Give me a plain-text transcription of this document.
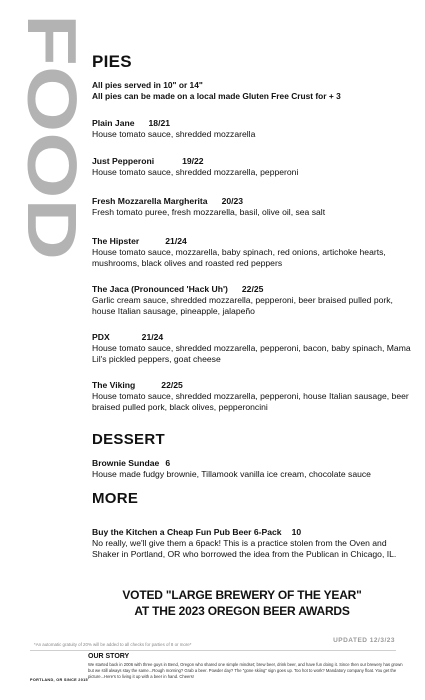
FOOD PIES
All pies served in 10" or 14"
All pies can be made on a local made Gluten Free Crust for + 3
Plain Jane 18/21
House tomato sauce, shredded mozzarella
Just Pepperoni	19/22
House tomato sauce, shredded mozzarella, pepperoni
Fresh Mozzarella Margherita 20/23
Fresh tomato puree, fresh mozzarella, basil, olive oil, sea salt
The Hipster	21/24
House tomato sauce, mozzarella, baby spinach, red onions, artichoke hearts, mushrooms, black olives and roasted red peppers
The Jaca (Pronounced 'Hack Uh') 22/25
Garlic cream sauce, shredded mozzarella, pepperoni, beer braised pulled pork, house Italian sausage, pineapple, jalapeño
PDX	21/24
House tomato sauce, shredded mozzarella, pepperoni, bacon, baby spinach, Mama Lil's pickled peppers, goat cheese
The Viking	22/25
House tomato sauce, shredded mozzarella, pepperoni, house Italian sausage, beer braised pulled pork, black olives, pepperoncini
DESSERT
Brownie Sundae 6
House made fudgy brownie, Tillamook vanilla ice cream, chocolate sauce
MORE
Buy the Kitchen a Cheap Fun Pub Beer 6-Pack 10
No really, we'll give them a 6pack! This is a practice stolen from the Oven and Shaker in Portland, OR who borrowed the idea from the Publican in Chicago, IL.
VOTED "LARGE BREWERY OF THE YEAR"
AT THE 2023 OREGON BEER AWARDS
UPDATED 12/3/23
*An automatic gratuity of 20% will be added to all checks for parties of 8 or more*
OUR STORY
We started back in 2006 with three guys in Bend, Oregon who shared one simple mindset; brew beer, drink beer, and have fun doing it. Since then our brewery has grown but we still always stay the same...Rough morning? Grab a beer. Powder day? The "gone skiing" sign goes up. Too hot to work? Mandatory company float. You get the picture...Here's to living it up with a beer in hand. Cheers!
PORTLAND, OR SINCE 2015
